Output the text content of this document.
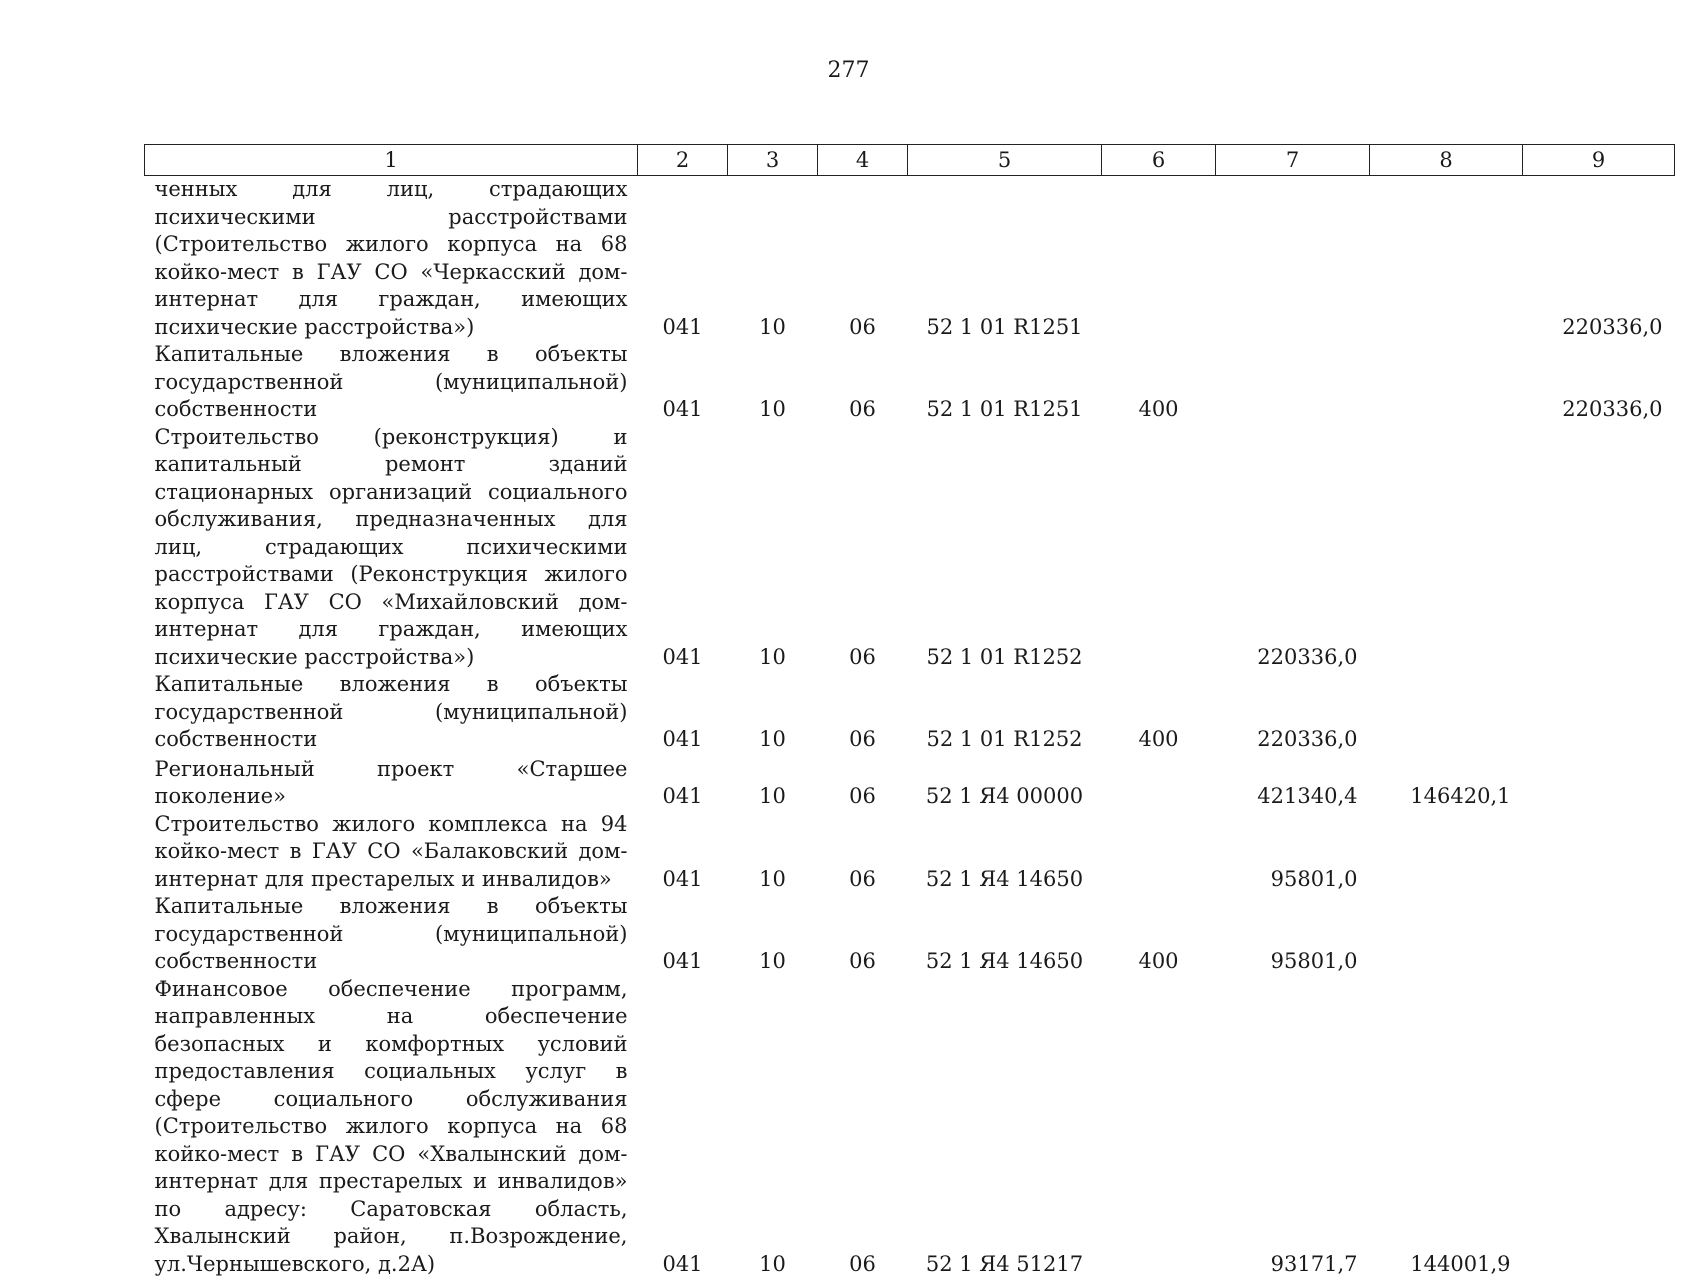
277
1	2	3	4	5	6	7	8	9
ченных для лиц, страдающих психическими расстройствами (Строительство жилого корпуса на 68 койко-мест в ГАУ СО «Черкасский дом-интернат для граждан, имеющих психические расстройства»)	041	10	06	52 1 01 R1251				220336,0
Капитальные вложения в объекты государственной (муниципальной) собственности	041	10	06	52 1 01 R1251	400			220336,0
Строительство (реконструкция) и капитальный ремонт зданий стационарных организаций социального обслуживания, предназначенных для лиц, страдающих психическими расстройствами (Реконструкция жилого корпуса ГАУ СО «Михайловский дом-интернат для граждан, имеющих психические расстройства»)	041	10	06	52 1 01 R1252		220336,0		
Капитальные вложения в объекты государственной (муниципальной) собственности	041	10	06	52 1 01 R1252	400	220336,0		
Региональный проект «Старшее поколение»	041	10	06	52 1 Я4 00000		421340,4	146420,1	
Строительство жилого комплекса на 94 койко-мест в ГАУ СО «Балаковский дом-интернат для престарелых и инвалидов»	041	10	06	52 1 Я4 14650		95801,0		
Капитальные вложения в объекты государственной (муниципальной) собственности	041	10	06	52 1 Я4 14650	400	95801,0		
Финансовое обеспечение программ, направленных на обеспечение безопасных и комфортных условий предоставления социальных услуг в сфере социального обслуживания (Строительство жилого корпуса на 68 койко-мест в ГАУ СО «Хвалынский дом-интернат для престарелых и инвалидов» по адресу: Саратовская область, Хвалынский район, п.Возрождение, ул.Чернышевского, д.2А)	041	10	06	52 1 Я4 51217		93171,7	144001,9	
